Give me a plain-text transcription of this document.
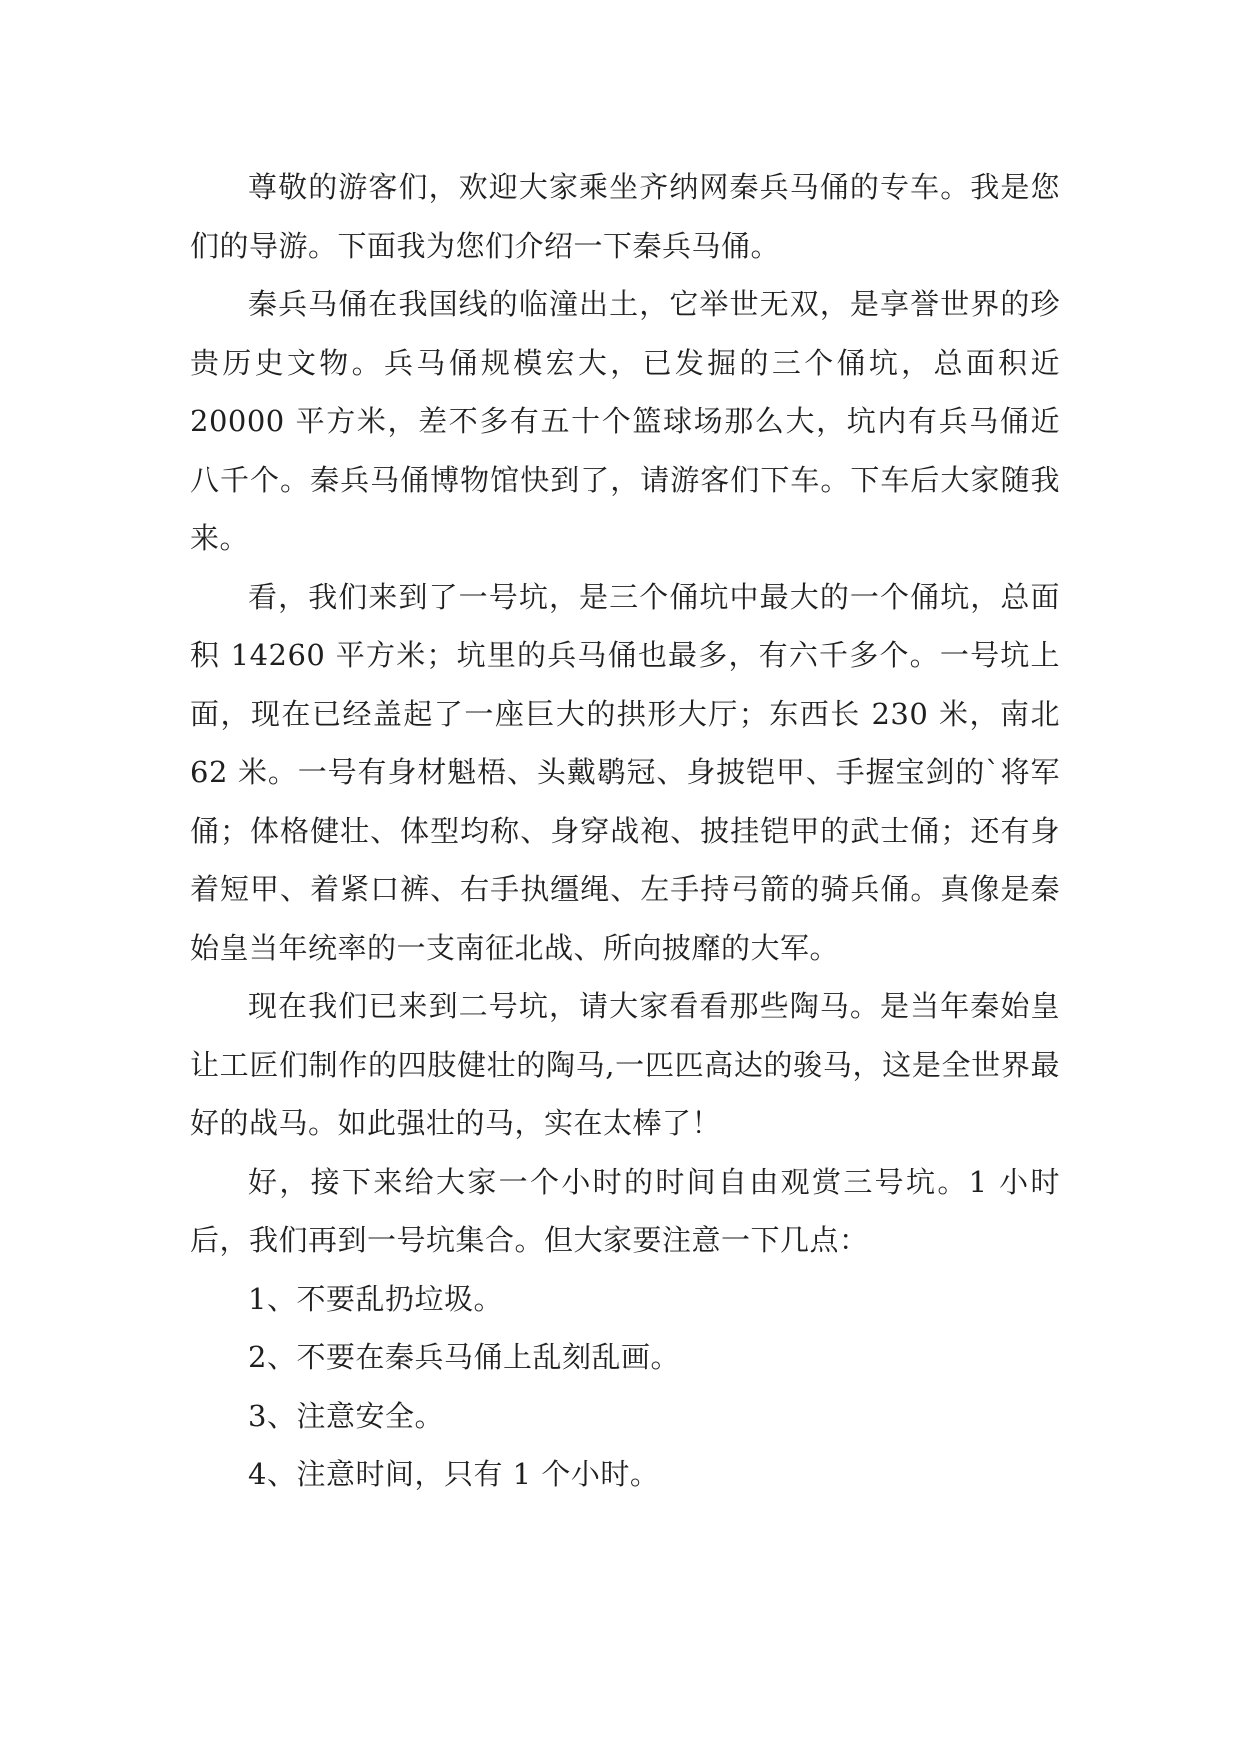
尊敬的游客们，欢迎大家乘坐齐纳网秦兵马俑的专车。我是您们的导游。下面我为您们介绍一下秦兵马俑。

秦兵马俑在我国线的临潼出土，它举世无双，是享誉世界的珍贵历史文物。兵马俑规模宏大，已发掘的三个俑坑，总面积近 20000 平方米，差不多有五十个篮球场那么大，坑内有兵马俑近八千个。秦兵马俑博物馆快到了，请游客们下车。下车后大家随我来。

看，我们来到了一号坑，是三个俑坑中最大的一个俑坑，总面积 14260 平方米；坑里的兵马俑也最多，有六千多个。一号坑上面，现在已经盖起了一座巨大的拱形大厅；东西长 230 米，南北 62 米。一号有身材魁梧、头戴鹖冠、身披铠甲、手握宝剑的`将军俑；体格健壮、体型均称、身穿战袍、披挂铠甲的武士俑；还有身着短甲、着紧口裤、右手执缰绳、左手持弓箭的骑兵俑。真像是秦始皇当年统率的一支南征北战、所向披靡的大军。

现在我们已来到二号坑，请大家看看那些陶马。是当年秦始皇让工匠们制作的四肢健壮的陶马,一匹匹高达的骏马，这是全世界最好的战马。如此强壮的马，实在太棒了！

好，接下来给大家一个小时的时间自由观赏三号坑。1 小时后，我们再到一号坑集合。但大家要注意一下几点：

1、不要乱扔垃圾。

2、不要在秦兵马俑上乱刻乱画。

3、注意安全。

4、注意时间，只有 1 个小时。
